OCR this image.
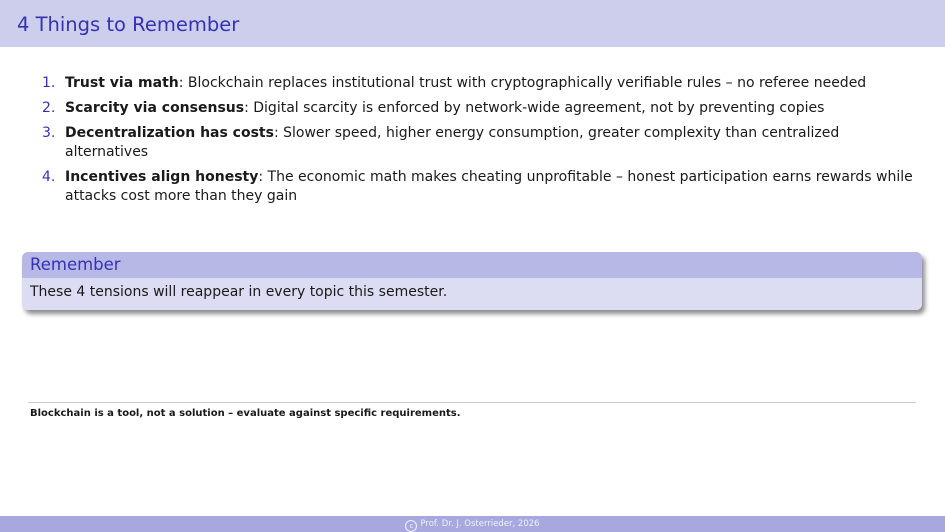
4 Things to Remember
1. Trust via math: Blockchain replaces institutional trust with cryptographically verifiable rules – no referee needed
2. Scarcity via consensus: Digital scarcity is enforced by network-wide agreement, not by preventing copies
3. Decentralization has costs: Slower speed, higher energy consumption, greater complexity than centralized alternatives
4. Incentives align honesty: The economic math makes cheating unprofitable – honest participation earns rewards while attacks cost more than they gain
Remember
These 4 tensions will reappear in every topic this semester.
Blockchain is a tool, not a solution – evaluate against specific requirements.
c Prof. Dr. J. Osterrieder, 2026
